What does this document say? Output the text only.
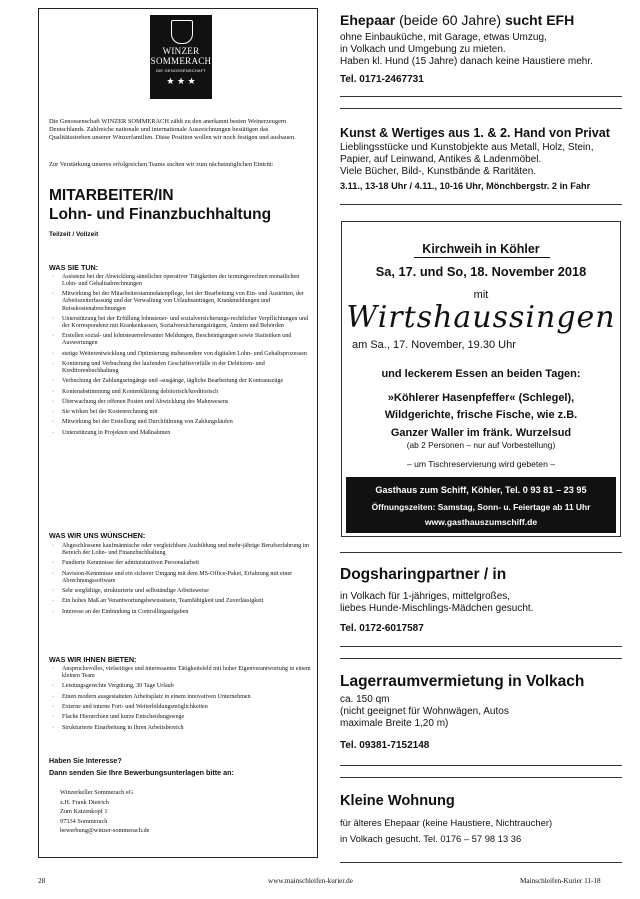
WINZER
SOMMERACH
DIE GENOSSENSCHAFT
★ ★ ★
Die Genossenschaft WINZER SOMMERACH zählt zu den anerkannt besten Weinerzeugern Deutschlands. Zahlreiche nationale und internationale Auszeichnungen bestätigen das Qualitätsstreben unserer Winzerfamilien. Diese Position wollen wir noch festigen und ausbauen.
Zur Verstärkung unseres erfolgreichen Teams suchen wir zum nächstmöglichen Eintritt:
MITARBEITER/IN
Lohn- und Finanzbuchhaltung
Teilzeit / Vollzeit
WAS SIE TUN:
· Assistenz bei der Abwicklung sämtlicher operativer Tätigkeiten der termingerechten monatlichen Lohn- und Gehaltsabrechnungen
· Mitwirkung bei der Mitarbeiterstammdatenpflege, bei der Bearbeitung von Ein- und Austritten, der Arbeitszeiterfassung und der Verwaltung von Urlaubsanträgen, Krankmeldungen und Reisekostenabrechnungen
· Unterstützung bei der Erfüllung lohnsteuer- und sozialversicherungs-rechtlicher Verpflichtungen und der Korrespondenz mit Krankenkassen, Sozialversicherungsträgern, Ämtern und Behörden
· Erstellen sozial- und lohnsteuerrelevanter Meldungen, Bescheinigungen sowie Statistiken und Auswertungen
· stetige Weiterentwicklung und Optimierung insbesondere von digitalen Lohn- und Gehaltsprozessen
· Kontierung und Verbuchung der laufenden Geschäftsvorfälle in der Debitoren- und Kreditorenbuchhaltung
· Verbuchung der Zahlungseingänge und -ausgänge, tägliche Bearbeitung der Kontoauszüge
· Kontenabstimmung und Kontenklärung debitorisch/kreditorisch
· Überwachung der offenen Posten und Abwicklung des Mahnwesens
· Sie wirken bei der Kostenrechnung mit
· Mitwirkung bei der Erstellung und Durchführung von Zahlungsläufen
· Unterstützung in Projekten und Maßnahmen
WAS WIR UNS WÜNSCHEN:
· Abgeschlossene kaufmännische oder vergleichbare Ausbildung und mehr-jährige Berufserfahrung im Bereich der Lohn- und Finanzbuchhaltung
· Fundierte Kenntnisse der administrativen Personalarbeit
· Navision-Kenntnisse und ein sicherer Umgang mit dem MS-Office-Paket, Erfahrung mit einer Abrechnungssoftware
· Sehr sorgfältige, strukturierte und selbständige Arbeitsweise
· Ein hohes Maß an Verantwortungsbewusstsein, Teamfähigkeit und Zuverlässigkeit
· Interesse an der Einbindung in Controllingaufgaben
WAS WIR IHNEN BIETEN:
· Anspruchsvolles, vielseitiges und interessantes Tätigkeitsfeld mit hoher Eigenverantwortung in einem kleinen Team
· Leistungsgerechte Vergütung, 30 Tage Urlaub
· Einen modern ausgestatteten Arbeitsplatz in einem innovativen Unternehmen
· Externe und interne Fort- und Weiterbildungsmöglichkeiten
· Flache Hierarchien und kurze Entscheidungswege
· Strukturierte Einarbeitung in Ihren Arbeitsbereich
Haben Sie Interesse?
Dann senden Sie Ihre Bewerbungsunterlagen bitte an:
Winzerkeller Sommerach eG
z.H. Frank Dietrich
Zum Katzenkopf 1
97334 Sommerach
bewerbung@winzer-sommerach.de
Ehepaar (beide 60 Jahre) sucht EFH
ohne Einbauküche, mit Garage, etwas Umzug,
in Volkach und Umgebung zu mieten.
Haben kl. Hund (15 Jahre) danach keine Haustiere mehr.
Tel. 0171-2467731
Kunst & Wertiges aus 1. & 2. Hand von Privat
Lieblingsstücke und Kunstobjekte aus Metall, Holz, Stein,
Papier, auf Leinwand, Antikes & Ladenmöbel.
Viele Bücher, Bild-, Kunstbände & Raritäten.
3.11., 13-18 Uhr / 4.11., 10-16 Uhr, Mönchbergstr. 2 in Fahr
Kirchweih in Köhler
Sa, 17. und So, 18. November 2018
mit
Wirtshaussingen
am Sa., 17. November, 19.30 Uhr
und leckerem Essen an beiden Tagen:
»Köhlerer Hasenpfeffer« (Schlegel),
Wildgerichte, frische Fische, wie z.B.
Ganzer Waller im fränk. Wurzelsud
(ab 2 Personen – nur auf Vorbestellung)
– um Tischreservierung wird gebeten –
Gasthaus zum Schiff, Köhler, Tel. 0 93 81 – 23 95
Öffnungszeiten: Samstag, Sonn- u. Feiertage ab 11 Uhr
www.gasthauszumschiff.de
Dogsharingpartner / in
in Volkach für 1-jähriges, mittelgroßes,
liebes Hunde-Mischlings-Mädchen gesucht.
Tel. 0172-6017587
Lagerraumvermietung in Volkach
ca. 150 qm
(nicht geeignet für Wohnwägen, Autos
maximale Breite 1,20 m)
Tel. 09381-7152148
Kleine Wohnung
für älteres Ehepaar (keine Haustiere, Nichtraucher)
in Volkach gesucht. Tel. 0176 – 57 98 13 36
28	www.mainschleifen-kurier.de	Mainschleifen-Kurier 11-18
